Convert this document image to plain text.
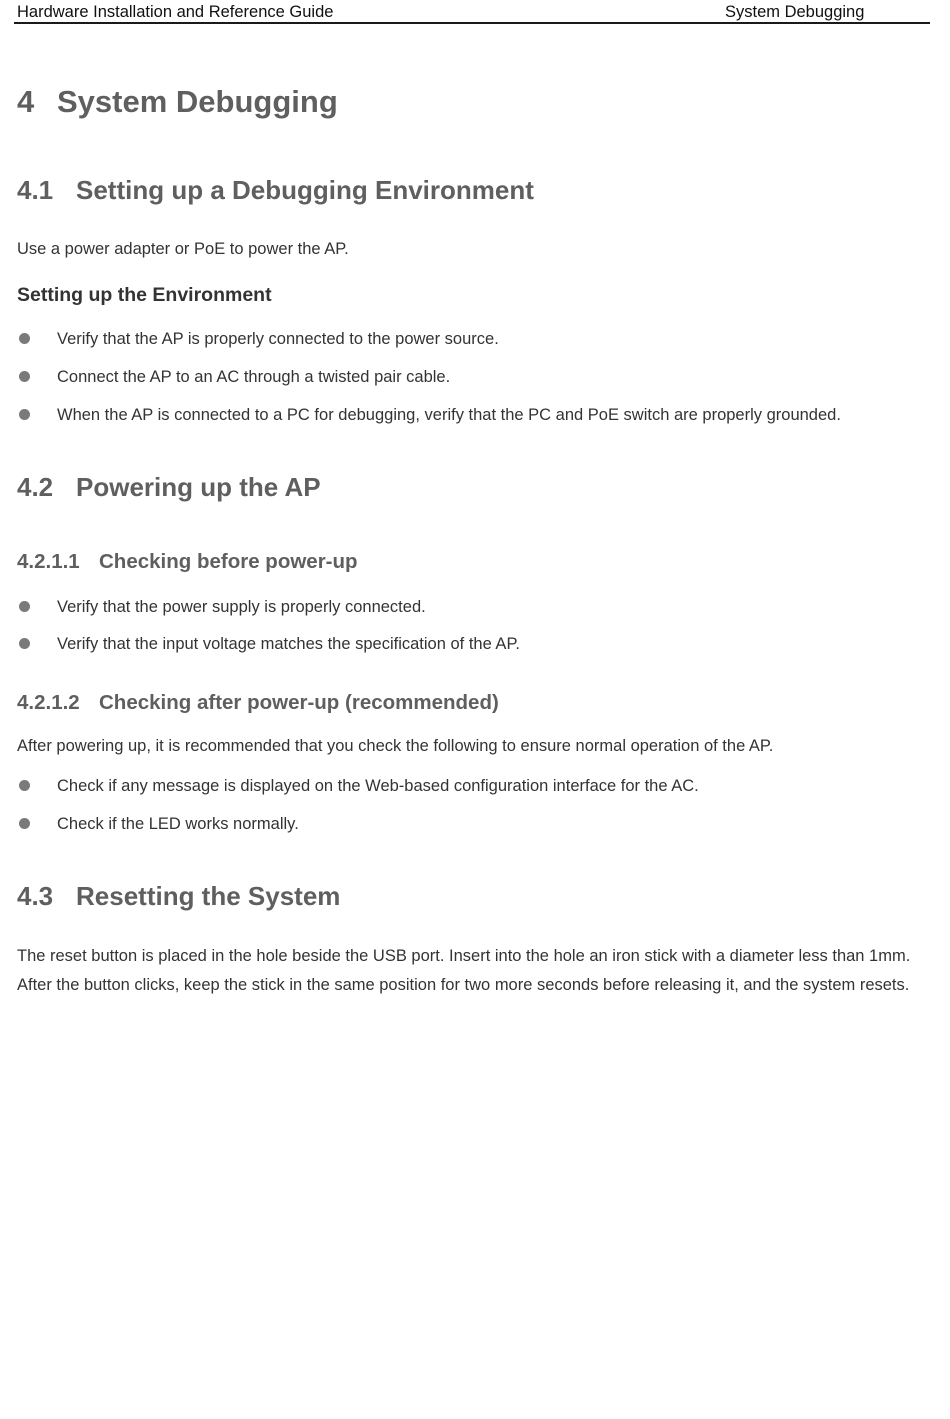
Hardware Installation and Reference Guide	System Debugging
4 System Debugging
4.1 Setting up a Debugging Environment
Use a power adapter or PoE to power the AP.
Setting up the Environment
Verify that the AP is properly connected to the power source.
Connect the AP to an AC through a twisted pair cable.
When the AP is connected to a PC for debugging, verify that the PC and PoE switch are properly grounded.
4.2 Powering up the AP
4.2.1.1 Checking before power-up
Verify that the power supply is properly connected.
Verify that the input voltage matches the specification of the AP.
4.2.1.2 Checking after power-up (recommended)
After powering up, it is recommended that you check the following to ensure normal operation of the AP.
Check if any message is displayed on the Web-based configuration interface for the AC.
Check if the LED works normally.
4.3 Resetting the System
The reset button is placed in the hole beside the USB port. Insert into the hole an iron stick with a diameter less than 1mm.
After the button clicks, keep the stick in the same position for two more seconds before releasing it, and the system resets.
